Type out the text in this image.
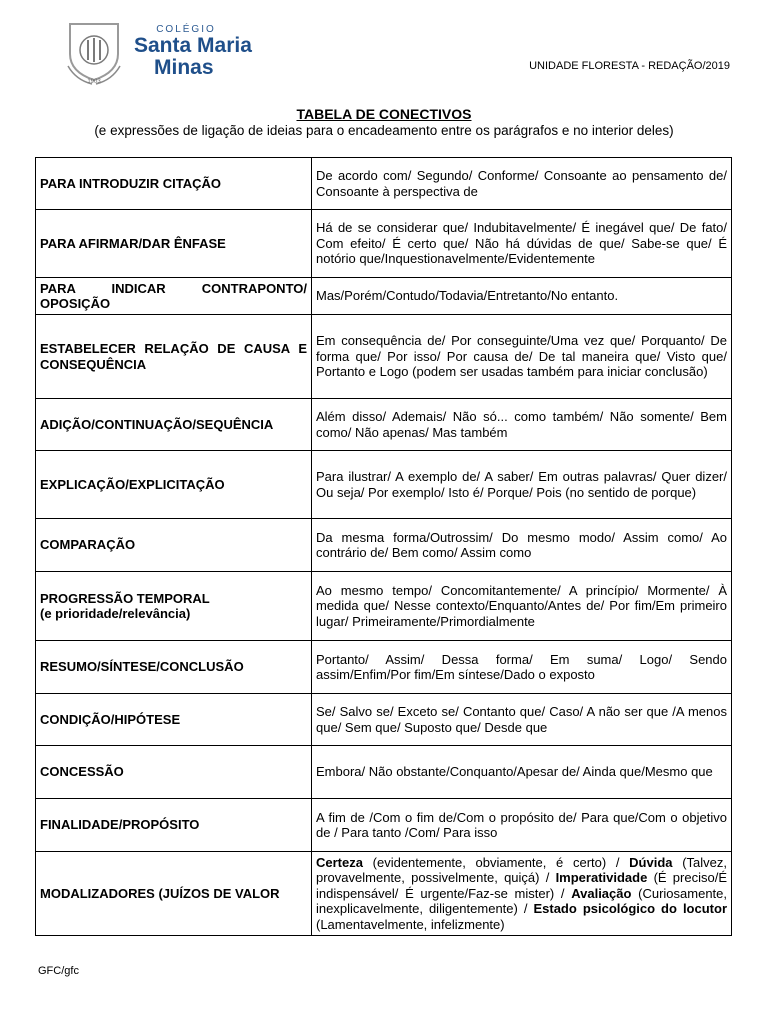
1903
COLÉGIO
Santa Maria
Minas	UNIDADE FLORESTA - REDAÇÃO/2019
TABELA DE CONECTIVOS
(e expressões de ligação de ideias para o encadeamento entre os parágrafos e no interior deles)
PARA INTRODUZIR CITAÇÃO	De acordo com/ Segundo/ Conforme/ Consoante ao pensamento de/ Consoante à perspectiva de
PARA AFIRMAR/DAR ÊNFASE	Há de se considerar que/ Indubitavelmente/ É inegável que/ De fato/ Com efeito/ É certo que/ Não há dúvidas de que/ Sabe-se que/ É notório que/Inquestionavelmente/Evidentemente
PARA INDICAR CONTRAPONTO/ OPOSIÇÃO	Mas/Porém/Contudo/Todavia/Entretanto/No entanto.
ESTABELECER RELAÇÃO DE CAUSA E CONSEQUÊNCIA	Em consequência de/ Por conseguinte/Uma vez que/ Porquanto/ De forma que/ Por isso/ Por causa de/ De tal maneira que/ Visto que/ Portanto e Logo (podem ser usadas também para iniciar conclusão)
ADIÇÃO/CONTINUAÇÃO/SEQUÊNCIA	Além disso/ Ademais/ Não só... como também/ Não somente/ Bem como/ Não apenas/ Mas também
EXPLICAÇÃO/EXPLICITAÇÃO	Para ilustrar/ A exemplo de/ A saber/ Em outras palavras/ Quer dizer/ Ou seja/ Por exemplo/ Isto é/ Porque/ Pois (no sentido de porque)
COMPARAÇÃO	Da mesma forma/Outrossim/ Do mesmo modo/ Assim como/ Ao contrário de/ Bem como/ Assim como
PROGRESSÃO TEMPORAL
(e prioridade/relevância)	Ao mesmo tempo/ Concomitantemente/ A princípio/ Mormente/ À medida que/ Nesse contexto/Enquanto/Antes de/ Por fim/Em primeiro lugar/ Primeiramente/Primordialmente
RESUMO/SÍNTESE/CONCLUSÃO	Portanto/ Assim/ Dessa forma/ Em suma/ Logo/ Sendo assim/Enfim/Por fim/Em síntese/Dado o exposto
CONDIÇÃO/HIPÓTESE	Se/ Salvo se/ Exceto se/ Contanto que/ Caso/ A não ser que /A menos que/ Sem que/ Suposto que/ Desde que
CONCESSÃO	Embora/ Não obstante/Conquanto/Apesar de/ Ainda que/Mesmo que
FINALIDADE/PROPÓSITO	A fim de /Com o fim de/Com o propósito de/ Para que/Com o objetivo de / Para tanto /Com/ Para isso
MODALIZADORES (JUÍZOS DE VALOR	Certeza (evidentemente, obviamente, é certo) / Dúvida (Talvez, provavelmente, possivelmente, quiçá) / Imperatividade (É preciso/É indispensável/ É urgente/Faz-se mister) / Avaliação (Curiosamente, inexplicavelmente, diligentemente) / Estado psicológico do locutor (Lamentavelmente, infelizmente)
GFC/gfc
